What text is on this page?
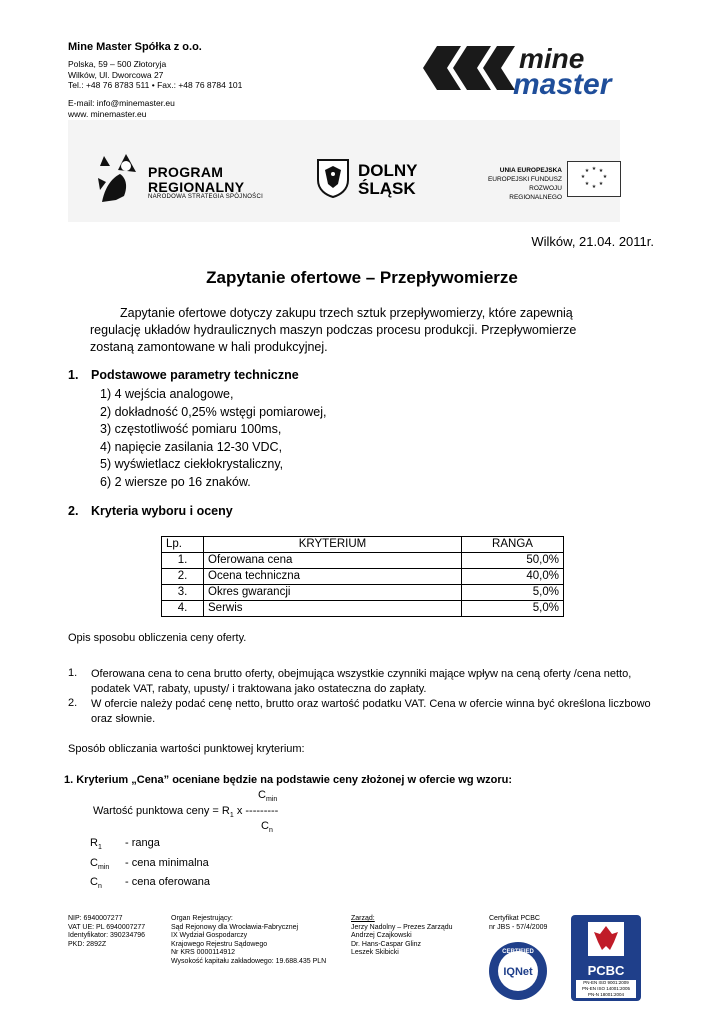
Mine Master Spółka z o.o.
Polska, 59 – 500 Złotoryja
Wilków, Ul. Dworcowa 27
Tel.: +48 76 8783 511 • Fax.: +48 76 8784 101
E-mail: info@minemaster.eu
www. minemaster.eu
mine
master
PROGRAM
REGIONALNY
NARODOWA STRATEGIA SPÓJNOŚCI
DOLNY
ŚLĄSK
UNIA EUROPEJSKA
EUROPEJSKI FUNDUSZ
ROZWOJU REGIONALNEGO
★ ★
★
★
★
★
★
★
Wilków, 21.04. 2011r.
Zapytanie ofertowe – Przepływomierze
Zapytanie ofertowe dotyczy zakupu trzech sztuk przepływomierzy, które zapewnią
regulację układów hydraulicznych maszyn podczas procesu produkcji. Przepływomierze
zostaną zamontowane w hali produkcyjnej.
1. Podstawowe parametry techniczne
1) 4 wejścia analogowe,
2) dokładność 0,25% wstęgi pomiarowej,
3) częstotliwość pomiaru 100ms,
4) napięcie zasilania 12-30 VDC,
5) wyświetlacz ciekłokrystaliczny,
6) 2 wiersze po 16 znaków.
2. Kryteria wyboru i oceny
Lp.	KRYTERIUM	RANGA
1.	Oferowana cena	50,0%
2.	Ocena techniczna	40,0%
3.	Okres gwarancji	5,0%
4.	Serwis	5,0%
Opis sposobu obliczenia ceny oferty.
1. Oferowana cena to cena brutto oferty, obejmująca wszystkie czynniki mające wpływ na ceną oferty /cena netto,
podatek VAT, rabaty, upusty/ i traktowana jako ostateczna do zapłaty.
2. W ofercie należy podać cenę netto, brutto oraz wartość podatku VAT. Cena w ofercie winna być określona liczbowo
oraz słownie.
Sposób obliczania wartości punktowej kryterium:
1. Kryterium „Cena” oceniane będzie na podstawie ceny złożonej w ofercie wg wzoru:
$C_{min}$
Wartość punktowa ceny = $R_1$ x ---------
$C_n$
$R_1$ - ranga
$C_{min}$ - cena minimalna
$C_n$ - cena oferowana
NIP: 6940007277
VAT UE: PL 6940007277
Identyfikator: 390234796
PKD: 2892Z
Organ Rejestrujący:
Sąd Rejonowy dla Wrocławia-Fabrycznej
IX Wydział Gospodarczy
Krajowego Rejestru Sądowego
Nr KRS 0000114912
Wysokość kapitału zakładowego: 19.688.435 PLN
Zarząd:
Jerzy Nadolny – Prezes Zarządu
Andrzej Czajkowski
Dr. Hans-Caspar Glinz
Leszek Skibicki
Certyfikat PCBC
nr JBS - 57/4/2009
CERTIFIED
IQNet	PCBC
PN-EN ISO 9001:2009
PN-EN ISO 14001:2005
PN-N 18001:2004
